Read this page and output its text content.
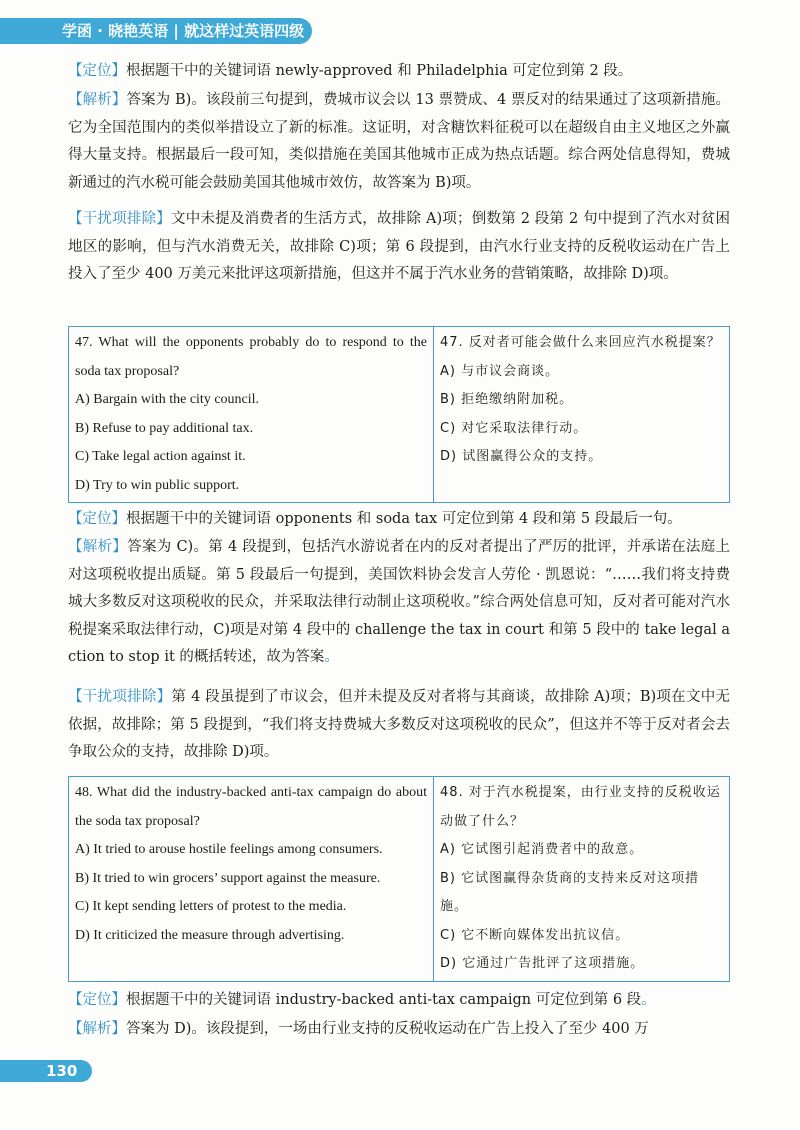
学函 · 晓艳英语 | 就这样过英语四级

【定位】根据题干中的关键词语 newly-approved 和 Philadelphia 可定位到第 2 段。

【解析】答案为 B)。该段前三句提到，费城市议会以 13 票赞成、4 票反对的结果通过了这项新措施。它为全国范围内的类似举措设立了新的标准。这证明，对含糖饮料征税可以在超级自由主义地区之外赢得大量支持。根据最后一段可知，类似措施在美国其他城市正成为热点话题。综合两处信息得知，费城新通过的汽水税可能会鼓励美国其他城市效仿，故答案为 B)项。

【干扰项排除】文中未提及消费者的生活方式，故排除 A)项；倒数第 2 段第 2 句中提到了汽水对贫困地区的影响，但与汽水消费无关，故排除 C)项；第 6 段提到，由汽水行业支持的反税收运动在广告上投入了至少 400 万美元来批评这项新措施，但这并不属于汽水业务的营销策略，故排除 D)项。

47. What will the opponents probably do to respond to the soda tax proposal?
A) Bargain with the city council.
B) Refuse to pay additional tax.
C) Take legal action against it.
D) Try to win public support.

47. 反对者可能会做什么来回应汽水税提案？
A) 与市议会商谈。
B) 拒绝缴纳附加税。
C) 对它采取法律行动。
D) 试图赢得公众的支持。

【定位】根据题干中的关键词语 opponents 和 soda tax 可定位到第 4 段和第 5 段最后一句。

【解析】答案为 C)。第 4 段提到，包括汽水游说者在内的反对者提出了严厉的批评，并承诺在法庭上对这项税收提出质疑。第 5 段最后一句提到，美国饮料协会发言人劳伦 · 凯恩说：“……我们将支持费城大多数反对这项税收的民众，并采取法律行动制止这项税收。”综合两处信息可知，反对者可能对汽水税提案采取法律行动，C)项是对第 4 段中的 challenge the tax in court 和第 5 段中的 take legal action to stop it 的概括转述，故为答案。

【干扰项排除】第 4 段虽提到了市议会，但并未提及反对者将与其商谈，故排除 A)项；B)项在文中无依据，故排除；第 5 段提到，“我们将支持费城大多数反对这项税收的民众”，但这并不等于反对者会去争取公众的支持，故排除 D)项。

48. What did the industry-backed anti-tax campaign do about the soda tax proposal?
A) It tried to arouse hostile feelings among consumers.
B) It tried to win grocers’ support against the measure.
C) It kept sending letters of protest to the media.
D) It criticized the measure through advertising.

48. 对于汽水税提案，由行业支持的反税收运动做了什么？
A) 它试图引起消费者中的敌意。
B) 它试图赢得杂货商的支持来反对这项措施。
C) 它不断向媒体发出抗议信。
D) 它通过广告批评了这项措施。

【定位】根据题干中的关键词语 industry-backed anti-tax campaign 可定位到第 6 段。

【解析】答案为 D)。该段提到，一场由行业支持的反税收运动在广告上投入了至少 400 万

130
